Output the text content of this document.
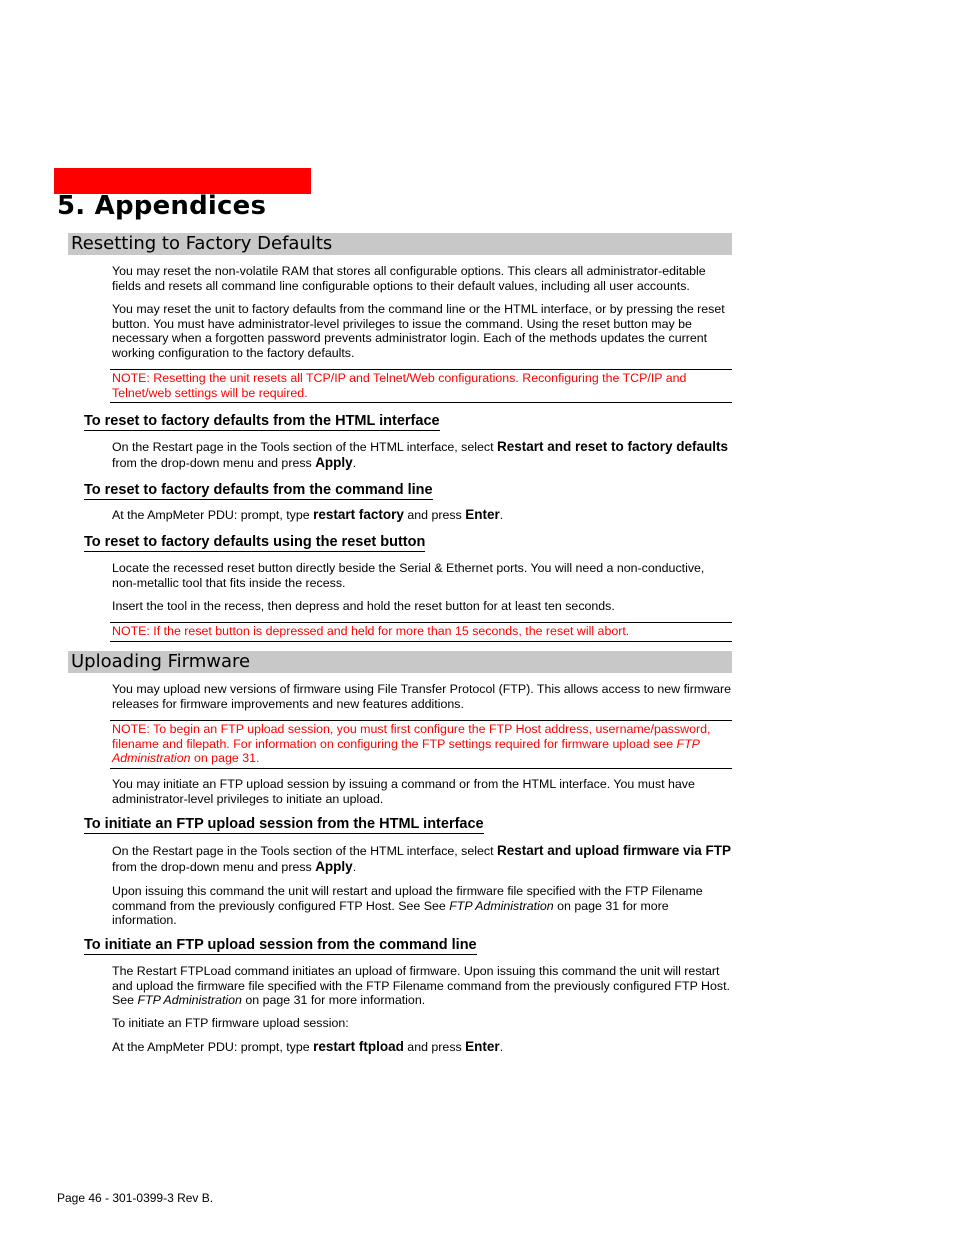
5. Appendices
Resetting to Factory Defaults

You may reset the non-volatile RAM that stores all configurable options. This clears all administrator-editable fields and resets all command line configurable options to their default values, including all user accounts.

You may reset the unit to factory defaults from the command line or the HTML interface, or by pressing the reset button. You must have administrator-level privileges to issue the command. Using the reset button may be necessary when a forgotten password prevents administrator login. Each of the methods updates the current working configuration to the factory defaults.

NOTE: Resetting the unit resets all TCP/IP and Telnet/Web configurations. Reconfiguring the TCP/IP and Telnet/web settings will be required.
To reset to factory defaults from the HTML interface

On the Restart page in the Tools section of the HTML interface, select Restart and reset to factory defaults from the drop-down menu and press Apply.

To reset to factory defaults from the command line

At the AmpMeter PDU: prompt, type restart factory and press Enter.

To reset to factory defaults using the reset button

Locate the recessed reset button directly beside the Serial & Ethernet ports. You will need a non-conductive, non-metallic tool that fits inside the recess.

Insert the tool in the recess, then depress and hold the reset button for at least ten seconds.

NOTE: If the reset button is depressed and held for more than 15 seconds, the reset will abort.
Uploading Firmware

You may upload new versions of firmware using File Transfer Protocol (FTP). This allows access to new firmware releases for firmware improvements and new features additions.

NOTE: To begin an FTP upload session, you must first configure the FTP Host address, username/password, filename and filepath. For information on configuring the FTP settings required for firmware upload see FTP Administration on page 31.

You may initiate an FTP upload session by issuing a command or from the HTML interface. You must have administrator-level privileges to initiate an upload.

To initiate an FTP upload session from the HTML interface

On the Restart page in the Tools section of the HTML interface, select Restart and upload firmware via FTP from the drop-down menu and press Apply.

Upon issuing this command the unit will restart and upload the firmware file specified with the FTP Filename command from the previously configured FTP Host. See See FTP Administration on page 31 for more information.

To initiate an FTP upload session from the command line

The Restart FTPLoad command initiates an upload of firmware. Upon issuing this command the unit will restart and upload the firmware file specified with the FTP Filename command from the previously configured FTP Host. See FTP Administration on page 31 for more information.

To initiate an FTP firmware upload session:

At the AmpMeter PDU: prompt, type restart ftpload and press Enter.

Page 46 - 301-0399-3 Rev B.
